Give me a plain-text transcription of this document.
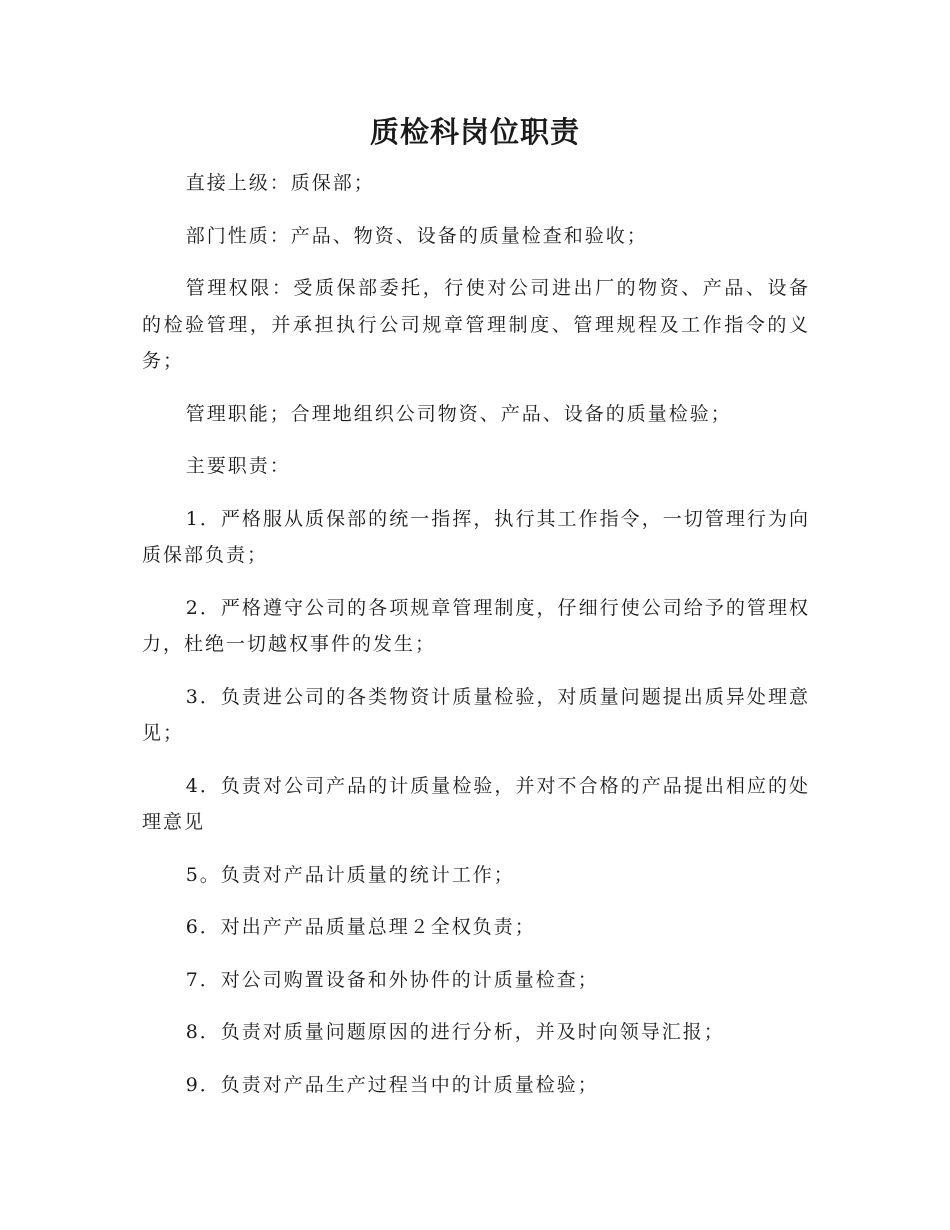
质检科岗位职责

直接上级：质保部；

部门性质：产品、物资、设备的质量检查和验收；

管理权限：受质保部委托，行使对公司进出厂的物资、产品、设备的检验管理，并承担执行公司规章管理制度、管理规程及工作指令的义务；

管理职能；合理地组织公司物资、产品、设备的质量检验；

主要职责：

1．严格服从质保部的统一指挥，执行其工作指令，一切管理行为向质保部负责；

2．严格遵守公司的各项规章管理制度，仔细行使公司给予的管理权力，杜绝一切越权事件的发生；

3．负责进公司的各类物资计质量检验，对质量问题提出质异处理意见；

4．负责对公司产品的计质量检验，并对不合格的产品提出相应的处理意见

5。负责对产品计质量的统计工作；

6．对出产产品质量总理２全权负责；

7．对公司购置设备和外协件的计质量检查；

8．负责对质量问题原因的进行分析，并及时向领导汇报；

9．负责对产品生产过程当中的计质量检验；
